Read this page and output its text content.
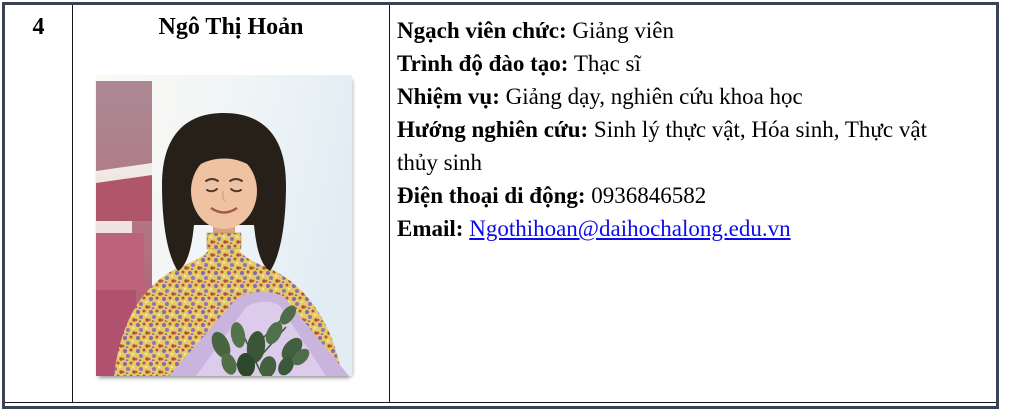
4	Ngô Thị Hoản	Ngạch viên chức: Giảng viên
Trình độ đào tạo: Thạc sĩ
Nhiệm vụ: Giảng dạy, nghiên cứu khoa học
Hướng nghiên cứu: Sinh lý thực vật, Hóa sinh, Thực vật thủy sinh
Điện thoại di động: 0936846582
Email: Ngothihoan@daihochalong.edu.vn
